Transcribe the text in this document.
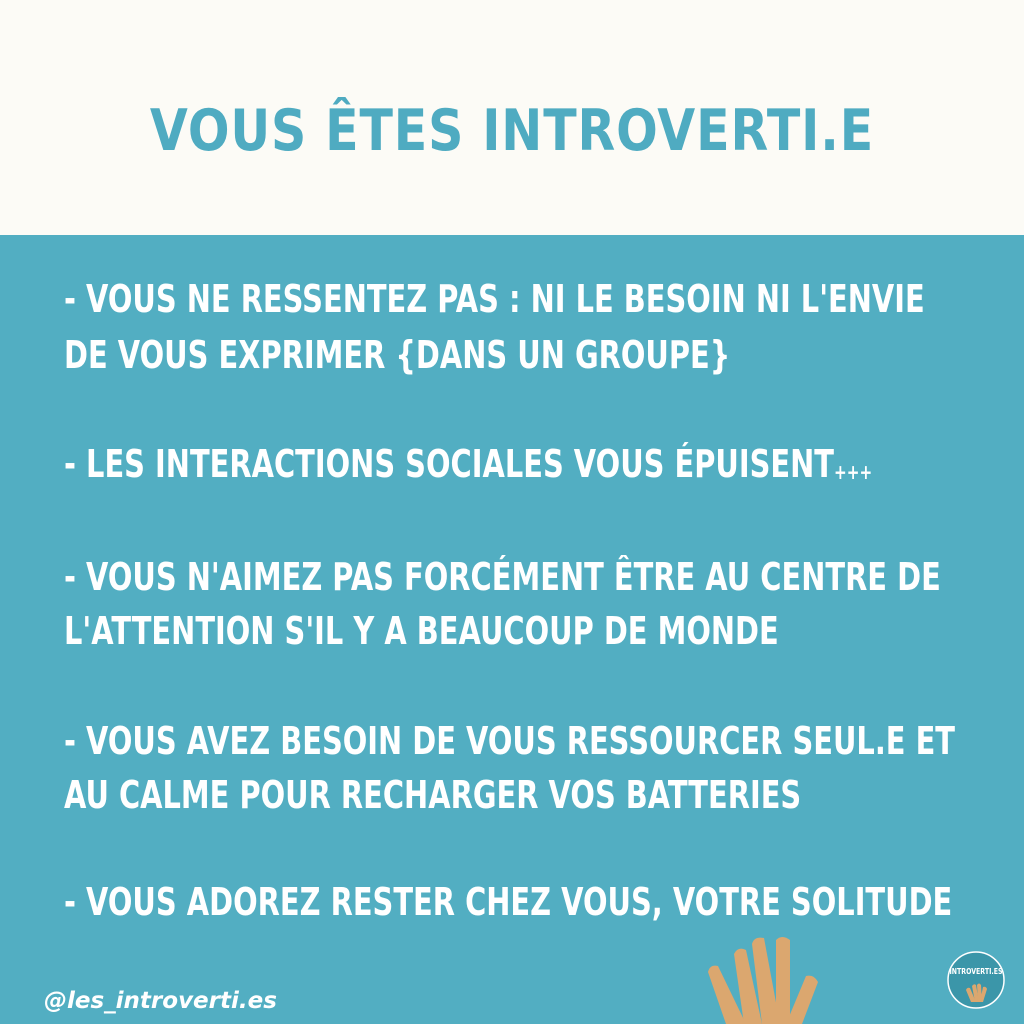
VOUS ÊTES INTROVERTI.E
- VOUS NE RESSENTEZ PAS : NI LE BESOIN NI L'ENVIE
DE VOUS EXPRIMER {DANS UN GROUPE}
- LES INTERACTIONS SOCIALES VOUS ÉPUISENT+++
- VOUS N'AIMEZ PAS FORCÉMENT ÊTRE AU CENTRE DE
L'ATTENTION S'IL Y A BEAUCOUP DE MONDE
- VOUS AVEZ BESOIN DE VOUS RESSOURCER SEUL.E ET
AU CALME POUR RECHARGER VOS BATTERIES
- VOUS ADOREZ RESTER CHEZ VOUS, VOTRE SOLITUDE
@les_introverti.es
INTROVERTI.ES
